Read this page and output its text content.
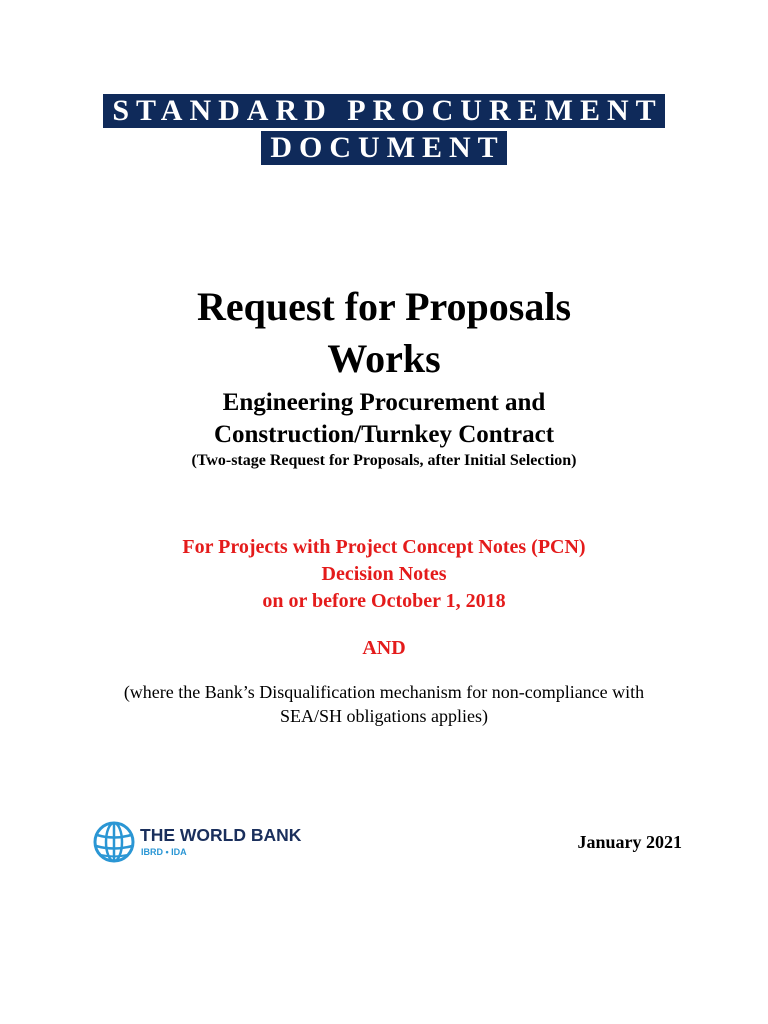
STANDARD PROCUREMENT
DOCUMENT
Request for Proposals
Works
Engineering Procurement and
Construction/Turnkey Contract
(Two-stage Request for Proposals, after Initial Selection)
For Projects with Project Concept Notes (PCN)
Decision Notes
on or before October 1, 2018
AND
(where the Bank’s Disqualification mechanism for non-compliance with
SEA/SH obligations applies)
THE WORLD BANK
IBRD • IDA	January 2021
